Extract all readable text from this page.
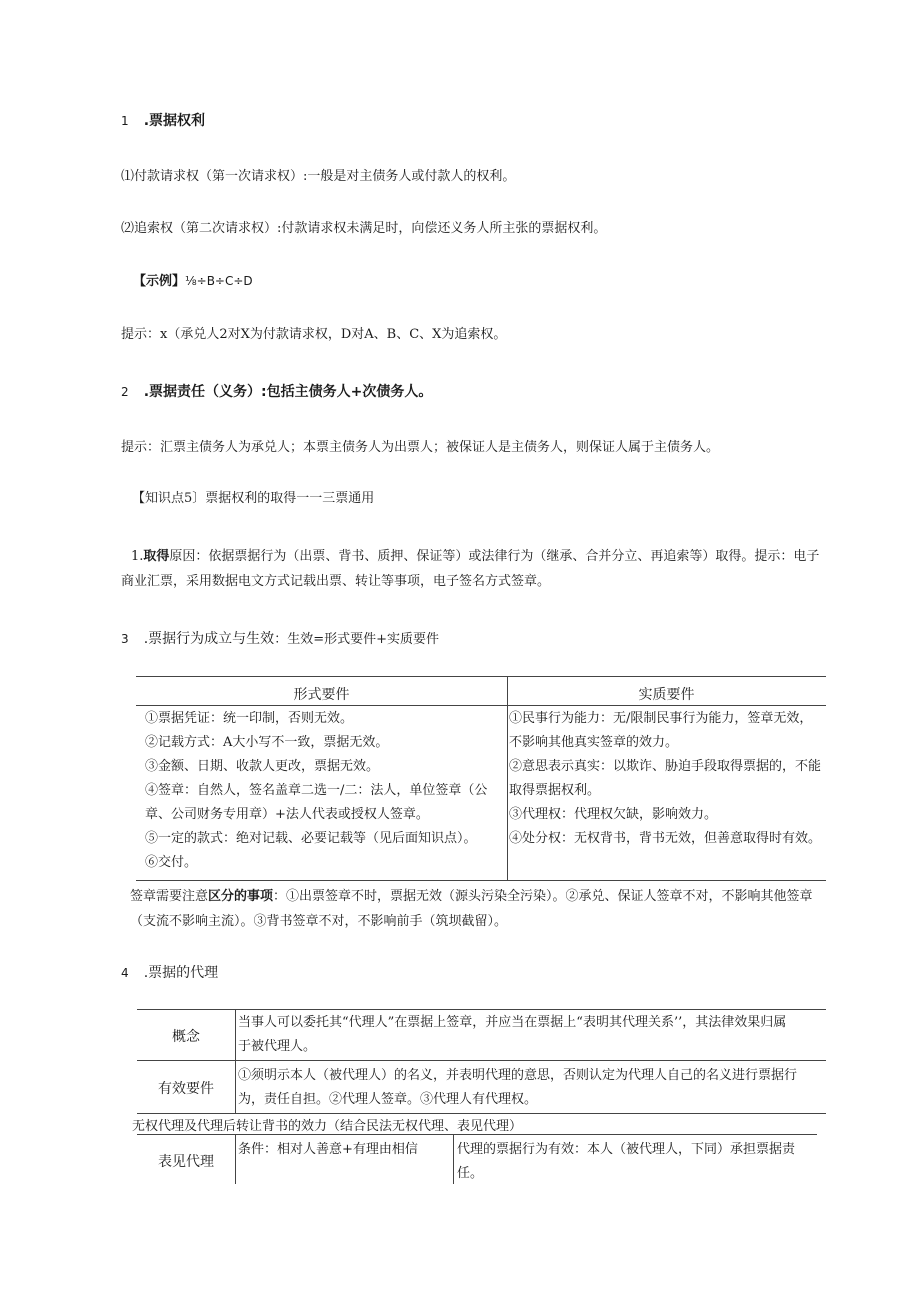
1 .票据权利
⑴付款请求权（第一次请求权）:一般是对主债务人或付款人的权利。
⑵追索权（第二次请求权）:付款请求权未满足时，向偿还义务人所主张的票据权利。
【示例】⅛÷B÷C÷D
提示：x（承兑人2对X为付款请求权，D对A、B、C、X为追索权。
2 .票据责任（义务）:包括主债务人+次债务人。
提示：汇票主债务人为承兑人；本票主债务人为出票人；被保证人是主债务人，则保证人属于主债务人。
【知识点5〕票据权利的取得一一三票通用
1.取得原因：依据票据行为（出票、背书、质押、保证等）或法律行为（继承、合并分立、再追索等）取得。提示：电子
商业汇票，采用数据电文方式记载出票、转让等事项，电子签名方式签章。
3 .票据行为成立与生效：生效=形式要件+实质要件
形式要件	实质要件
①票据凭证：统一印制，否则无效。
②记载方式：A大小写不一致，票据无效。
③金额、日期、收款人更改，票据无效。
④签章：自然人，签名盖章二选一/二：法人，单位签章（公
章、公司财务专用章）+法人代表或授权人签章。
⑤一定的款式：绝对记载、必要记载等（见后面知识点）。
⑥交付。
①民事行为能力：无/限制民事行为能力，签章无效，
不影响其他真实签章的效力。
②意思表示真实：以欺诈、胁迫手段取得票据的，不能
取得票据权利。
③代理权：代理权欠缺，影响效力。
④处分权：无权背书，背书无效，但善意取得时有效。
签章需要注意区分的事项：①出票签章不时，票据无效（源头污染全污染）。②承兑、保证人签章不对，不影响其他签章
（支流不影响主流）。③背书签章不对，不影响前手（筑坝截留）。
4 .票据的代理
概念
当事人可以委托其“代理人”在票据上签章，并应当在票据上“表明其代理关系’’，其法律效果归属
于被代理人。
有效要件
①须明示本人（被代理人）的名义，并表明代理的意思，否则认定为代理人自己的名义进行票据行
为，责任自担。②代理人签章。③代理人有代理权。
无权代理及代理后转让背书的效力（结合民法无权代理、表见代理）
表见代理
条件：相对人善意+有理由相信	代理的票据行为有效：本人（被代理人，下同）承担票据责
任。
